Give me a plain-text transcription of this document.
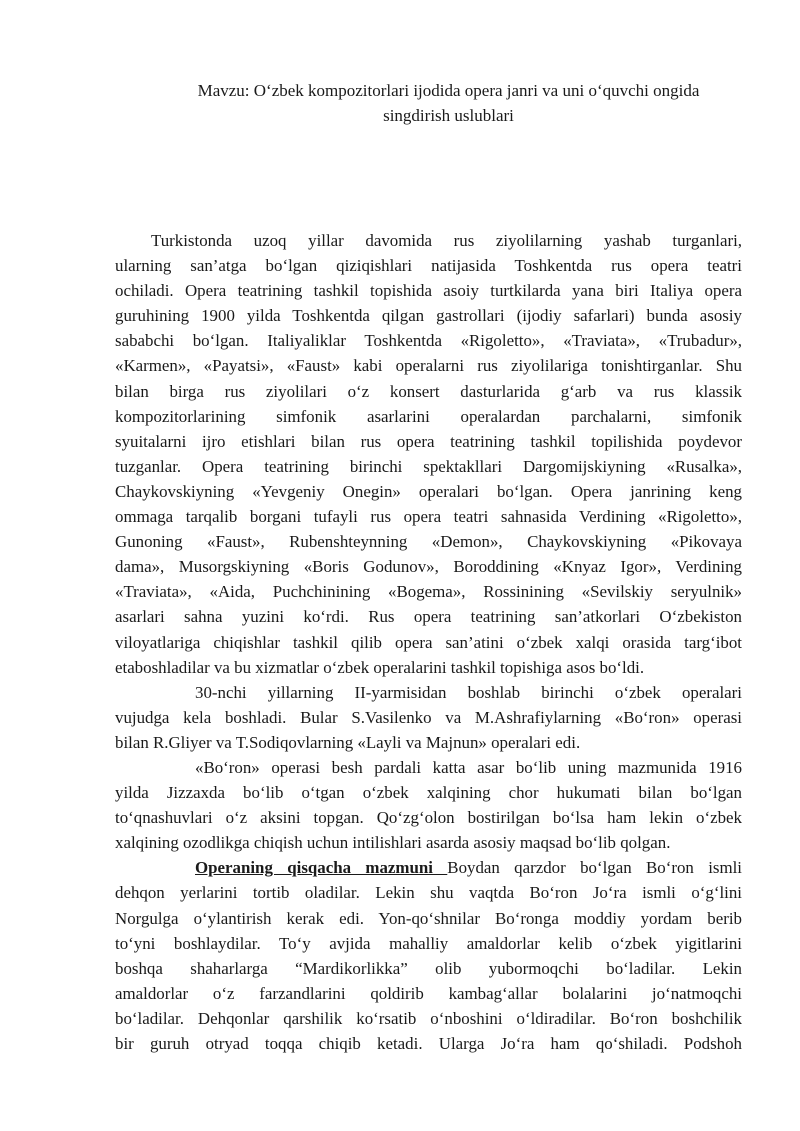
Mavzu: O‘zbek kompozitorlari ijodida opera janri va uni o‘quvchi ongida
singdirish uslublari
Turkistonda uzoq yillar davomida rus ziyolilarning yashab turganlari,
ularning san’atga bo‘lgan qiziqishlari natijasida Toshkentda rus opera teatri
ochiladi. Opera teatrining tashkil topishida asoiy turtkilarda yana biri Italiya opera
guruhining 1900 yilda Toshkentda qilgan gastrollari (ijodiy safarlari) bunda asosiy
sababchi bo‘lgan. Italiyaliklar Toshkentda «Rigoletto», «Traviata», «Trubadur»,
«Karmen», «Payatsi», «Faust» kabi operalarni rus ziyolilariga tonishtirganlar. Shu
bilan birga rus ziyolilari o‘z konsert dasturlarida g‘arb va rus klassik
kompozitorlarining simfonik asarlarini operalardan parchalarni, simfonik
syuitalarni ijro etishlari bilan rus opera teatrining tashkil topilishida poydevor
tuzganlar. Opera teatrining birinchi spektakllari Dargomijskiyning «Rusalka»,
Chaykovskiyning «Yevgeniy Onegin» operalari bo‘lgan. Opera janrining keng
ommaga tarqalib borgani tufayli rus opera teatri sahnasida Verdining «Rigoletto»,
Gunoning «Faust», Rubenshteynning «Demon», Chaykovskiyning «Pikovaya
dama», Musorgskiyning «Boris Godunov», Boroddining «Knyaz Igor», Verdining
«Traviata», «Aida, Puchchinining «Bogema», Rossinining «Sevilskiy seryulnik»
asarlari sahna yuzini ko‘rdi. Rus opera teatrining san’atkorlari O‘zbekiston
viloyatlariga chiqishlar tashkil qilib opera san’atini o‘zbek xalqi orasida targ‘ibot
etaboshladilar va bu xizmatlar o‘zbek operalarini tashkil topishiga asos bo‘ldi.
30-nchi yillarning II-yarmisidan boshlab birinchi o‘zbek operalari
vujudga kela boshladi. Bular S.Vasilenko va M.Ashrafiylarning «Bo‘ron» operasi
bilan R.Gliyer va T.Sodiqovlarning «Layli va Majnun» operalari edi.
«Bo‘ron» operasi besh pardali katta asar bo‘lib uning mazmunida 1916
yilda Jizzaxda bo‘lib o‘tgan o‘zbek xalqining chor hukumati bilan bo‘lgan
to‘qnashuvlari o‘z aksini topgan. Qo‘zg‘olon bostirilgan bo‘lsa ham lekin o‘zbek
xalqining ozodlikga chiqish uchun intilishlari asarda asosiy maqsad bo‘lib qolgan.
Operaning qisqacha mazmuni Boydan qarzdor bo‘lgan Bo‘ron ismli
dehqon yerlarini tortib oladilar. Lekin shu vaqtda Bo‘ron Jo‘ra ismli o‘g‘lini
Norgulga o‘ylantirish kerak edi. Yon-qo‘shnilar Bo‘ronga moddiy yordam berib
to‘yni boshlaydilar. To‘y avjida mahalliy amaldorlar kelib o‘zbek yigitlarini
boshqa shaharlarga “Mardikorlikka” olib yubormoqchi bo‘ladilar. Lekin
amaldorlar o‘z farzandlarini qoldirib kambag‘allar bolalarini jo‘natmoqchi
bo‘ladilar. Dehqonlar qarshilik ko‘rsatib o‘nboshini o‘ldiradilar. Bo‘ron boshchilik
bir guruh otryad toqqa chiqib ketadi. Ularga Jo‘ra ham qo‘shiladi. Podshoh
